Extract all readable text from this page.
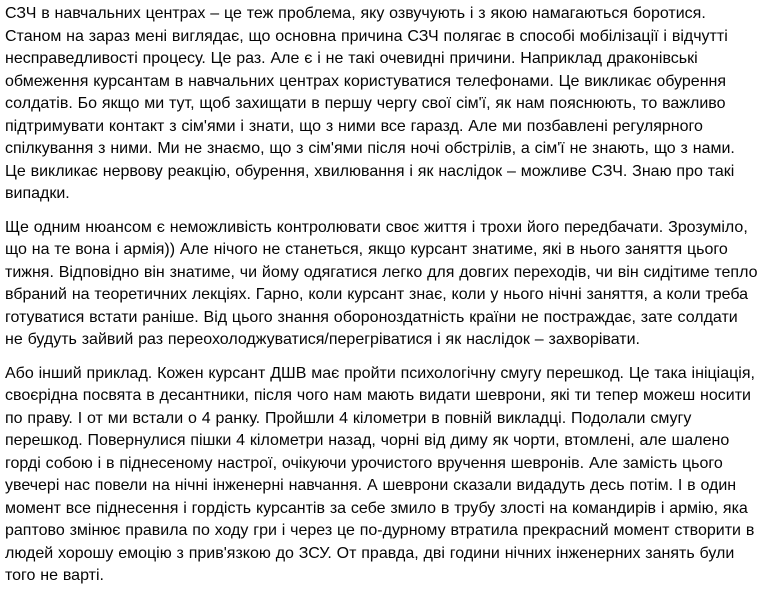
СЗЧ в навчальних центрах – це теж проблема, яку озвучують і з якою намагаються боротися. Станом на зараз мені виглядає, що основна причина СЗЧ полягає в способі мобілізації і відчутті несправедливості процесу. Це раз. Але є і не такі очевидні причини. Наприклад драконівські обмеження курсантам в навчальних центрах користуватися телефонами. Це викликає обурення солдатів. Бо якщо ми тут, щоб захищати в першу чергу свої сім'ї, як нам пояснюють, то важливо підтримувати контакт з сім'ями і знати, що з ними все гаразд. Але ми позбавлені регулярного спілкування з ними. Ми не знаємо, що з сім'ями після ночі обстрілів, а сім'ї не знають, що з нами. Це викликає нервову реакцію, обурення, хвилювання і як наслідок – можливе СЗЧ. Знаю про такі випадки.

Ще одним нюансом є неможливість контролювати своє життя і трохи його передбачати. Зрозуміло, що на те вона і армія)) Але нічого не станеться, якщо курсант знатиме, які в нього заняття цього тижня. Відповідно він знатиме, чи йому одягатися легко для довгих переходів, чи він сидітиме тепло вбраний на теоретичних лекціях. Гарно, коли курсант знає, коли у нього нічні заняття, а коли треба готуватися встати раніше. Від цього знання обороноздатність країни не постраждає, зате солдати не будуть зайвий раз переохолоджуватися/перегріватися і як наслідок – захворівати.

Або інший приклад. Кожен курсант ДШВ має пройти психологічну смугу перешкод. Це така ініціація, своєрідна посвята в десантники, після чого нам мають видати шеврони, які ти тепер можеш носити по праву. І от ми встали о 4 ранку. Пройшли 4 кілометри в повній викладці. Подолали смугу перешкод. Повернулися пішки 4 кілометри назад, чорні від диму як чорти, втомлені, але шалено горді собою і в піднесеному настрої, очікуючи урочистого вручення шевронів. Але замість цього увечері нас повели на нічні інженерні навчання. А шеврони сказали видадуть десь потім. І в один момент все піднесення і гордість курсантів за себе змило в трубу злості на командирів і армію, яка раптово змінює правила по ходу гри і через це по-дурному втратила прекрасний момент створити в людей хорошу емоцію з прив'язкою до ЗСУ. От правда, дві години нічних інженерних занять були того не варті.
